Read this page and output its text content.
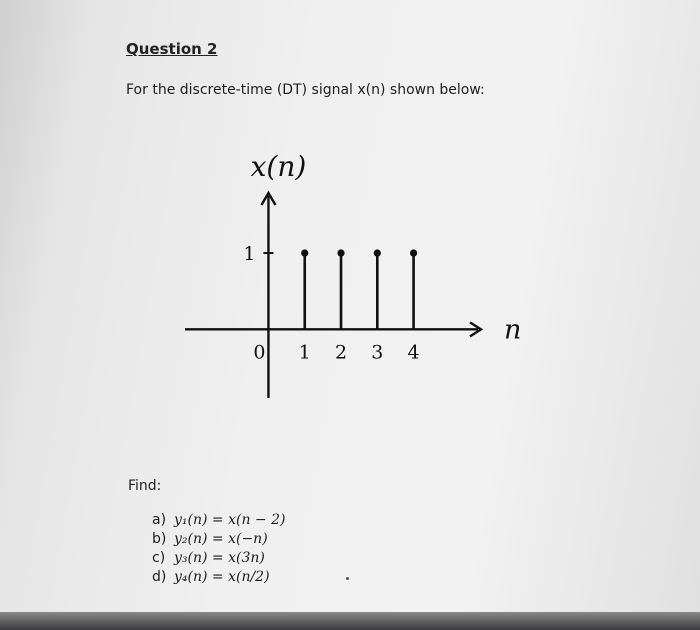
Question 2
For the discrete-time (DT) signal x(n) shown below:
0 1 2 3 4
1
x(n)
n
Find:
a) y₁(n) = x(n − 2)
b) y₂(n) = x(−n)
c) y₃(n) = x(3n)
d) y₄(n) = x(n/2)
